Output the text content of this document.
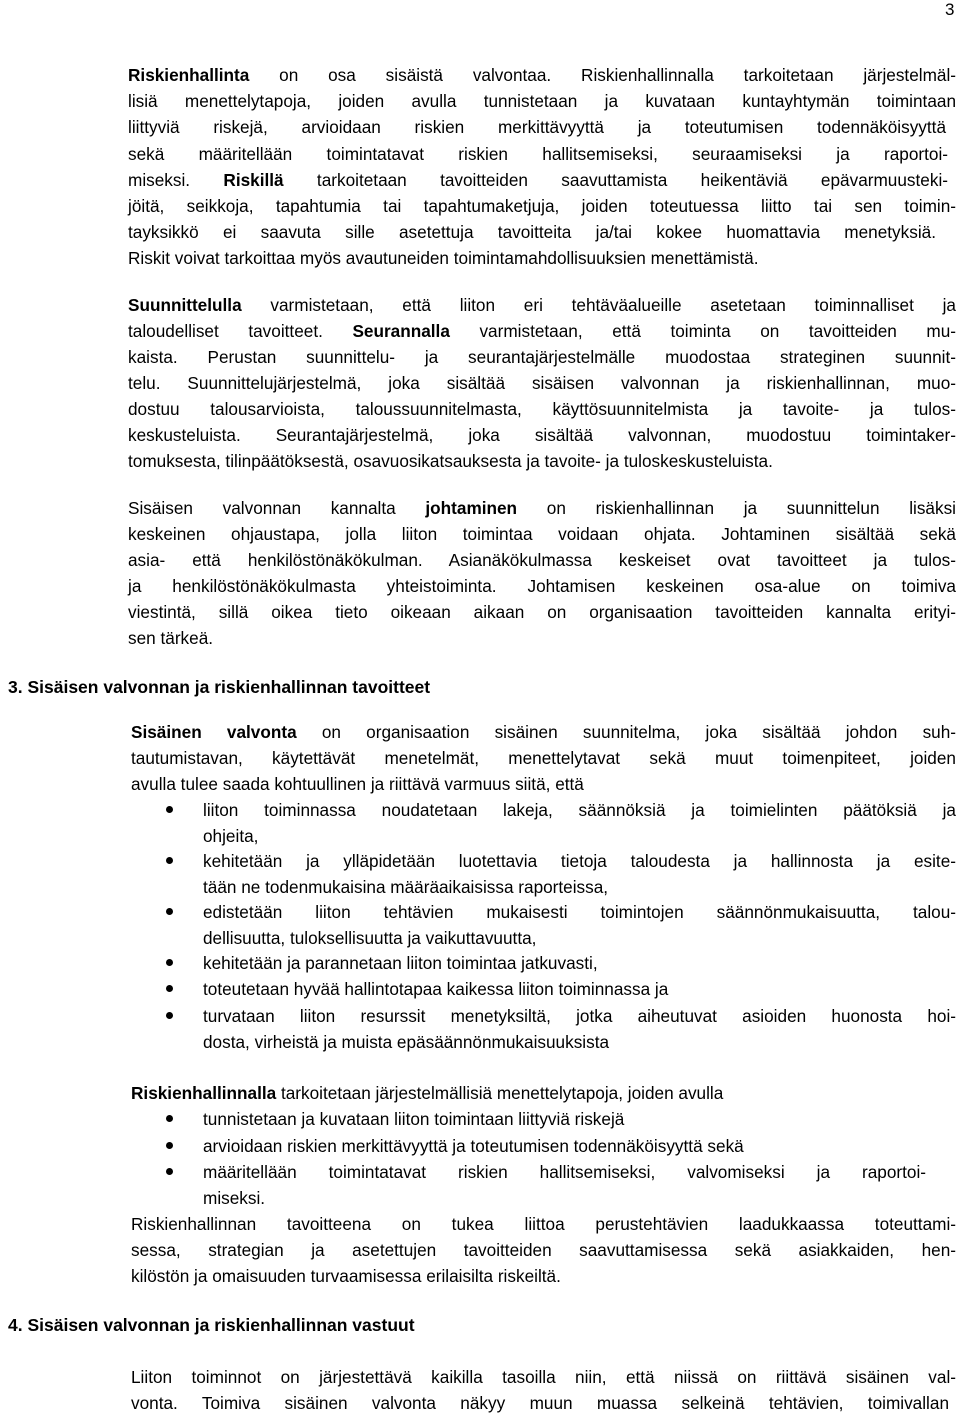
3
Riskienhallinta on osa sisäistä valvontaa. Riskienhallinnalla tarkoitetaan järjestelmäl-
lisiä menettelytapoja, joiden avulla tunnistetaan ja kuvataan kuntayhtymän toimintaan
liittyviä riskejä, arvioidaan riskien merkittävyyttä ja toteutumisen todennäköisyyttä
sekä määritellään toimintatavat riskien hallitsemiseksi, seuraamiseksi ja raportoi-
miseksi. Riskillä tarkoitetaan tavoitteiden saavuttamista heikentäviä epävarmuusteki-
jöitä, seikkoja, tapahtumia tai tapahtumaketjuja, joiden toteutuessa liitto tai sen toimin-
tayksikkö ei saavuta sille asetettuja tavoitteita ja/tai kokee huomattavia menetyksiä.
Riskit voivat tarkoittaa myös avautuneiden toimintamahdollisuuksien menettämistä.
Suunnittelulla varmistetaan, että liiton eri tehtäväalueille asetetaan toiminnalliset ja
taloudelliset tavoitteet. Seurannalla varmistetaan, että toiminta on tavoitteiden mu-
kaista. Perustan suunnittelu- ja seurantajärjestelmälle muodostaa strateginen suunnit-
telu. Suunnittelujärjestelmä, joka sisältää sisäisen valvonnan ja riskienhallinnan, muo-
dostuu talousarvioista, taloussuunnitelmasta, käyttösuunnitelmista ja tavoite- ja tulos-
keskusteluista. Seurantajärjestelmä, joka sisältää valvonnan, muodostuu toimintaker-
tomuksesta, tilinpäätöksestä, osavuosikatsauksesta ja tavoite- ja tuloskeskusteluista.
Sisäisen valvonnan kannalta johtaminen on riskienhallinnan ja suunnittelun lisäksi
keskeinen ohjaustapa, jolla liiton toimintaa voidaan ohjata. Johtaminen sisältää sekä
asia- että henkilöstönäkökulman. Asianäkökulmassa keskeiset ovat tavoitteet ja tulos-
ja henkilöstönäkökulmasta yhteistoiminta. Johtamisen keskeinen osa-alue on toimiva
viestintä, sillä oikea tieto oikeaan aikaan on organisaation tavoitteiden kannalta erityi-
sen tärkeä.
3. Sisäisen valvonnan ja riskienhallinnan tavoitteet
Sisäinen valvonta on organisaation sisäinen suunnitelma, joka sisältää johdon suh-
tautumistavan, käytettävät menetelmät, menettelytavat sekä muut toimenpiteet, joiden
avulla tulee saada kohtuullinen ja riittävä varmuus siitä, että
liiton toiminnassa noudatetaan lakeja, säännöksiä ja toimielinten päätöksiä ja
ohjeita,
kehitetään ja ylläpidetään luotettavia tietoja taloudesta ja hallinnosta ja esite-
tään ne todenmukaisina määräaikaisissa raporteissa,
edistetään liiton tehtävien mukaisesti toimintojen säännönmukaisuutta, talou-
dellisuutta, tuloksellisuutta ja vaikuttavuutta,
kehitetään ja parannetaan liiton toimintaa jatkuvasti,
toteutetaan hyvää hallintotapaa kaikessa liiton toiminnassa ja
turvataan liiton resurssit menetyksiltä, jotka aiheutuvat asioiden huonosta hoi-
dosta, virheistä ja muista epäsäännönmukaisuuksista
Riskienhallinnalla tarkoitetaan järjestelmällisiä menettelytapoja, joiden avulla
tunnistetaan ja kuvataan liiton toimintaan liittyviä riskejä
arvioidaan riskien merkittävyyttä ja toteutumisen todennäköisyyttä sekä
määritellään toimintatavat riskien hallitsemiseksi, valvomiseksi ja raportoi-
miseksi.
Riskienhallinnan tavoitteena on tukea liittoa perustehtävien laadukkaassa toteuttami-
sessa, strategian ja asetettujen tavoitteiden saavuttamisessa sekä asiakkaiden, hen-
kilöstön ja omaisuuden turvaamisessa erilaisilta riskeiltä.
4. Sisäisen valvonnan ja riskienhallinnan vastuut
Liiton toiminnot on järjestettävä kaikilla tasoilla niin, että niissä on riittävä sisäinen val-
vonta. Toimiva sisäinen valvonta näkyy muun muassa selkeinä tehtävien, toimivallan
